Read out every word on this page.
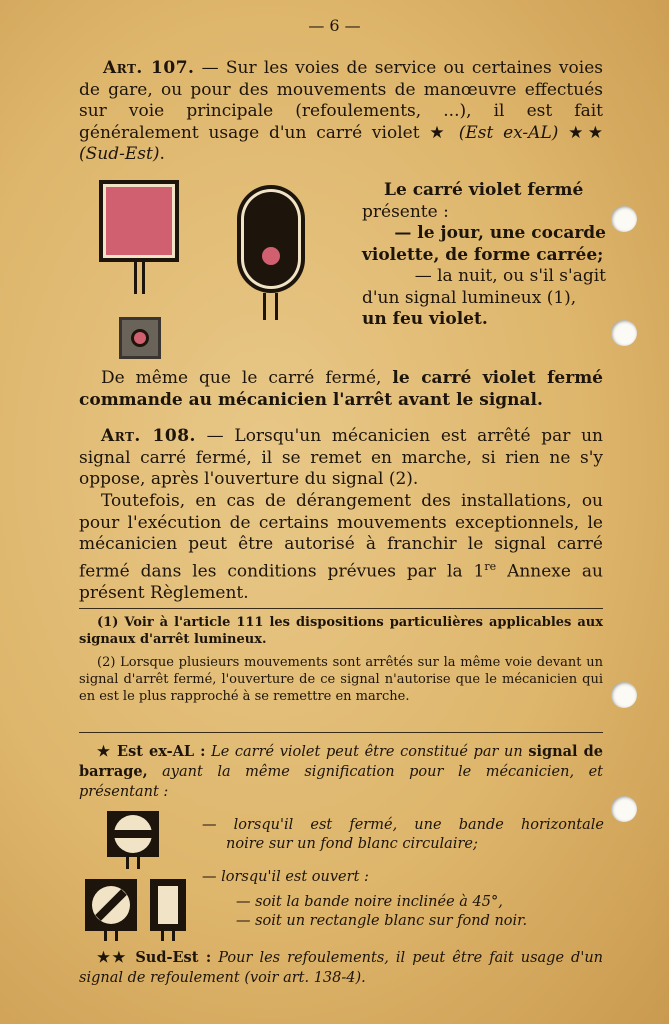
— 6 —
Art. 107. — Sur les voies de service ou certaines voies de gare, ou pour des mouvements de manœuvre effectués sur voie principale (refoulements, ...), il est fait généralement usage d'un carré violet ★ (Est ex-AL) ★★ (Sud-Est).
Le carré violet fermé
présente :
— le jour, une cocarde
violette, de forme carrée;
— la nuit, ou s'il s'agit
d'un signal lumineux (1),
un feu violet.
De même que le carré fermé, le carré violet fermé commande au mécanicien l'arrêt avant le signal.
Art. 108. — Lorsqu'un mécanicien est arrêté par un signal carré fermé, il se remet en marche, si rien ne s'y oppose, après l'ouverture du signal (2).
Toutefois, en cas de dérangement des installations, ou pour l'exécution de certains mouvements exceptionnels, le mécanicien peut être autorisé à franchir le signal carré fermé dans les conditions prévues par la 1re Annexe au présent Règlement.
(1) Voir à l'article 111 les dispositions particulières applicables aux signaux d'arrêt lumineux.
(2) Lorsque plusieurs mouvements sont arrêtés sur la même voie devant un signal d'arrêt fermé, l'ouverture de ce signal n'autorise que le mécanicien qui en est le plus rapproché à se remettre en marche.
★ Est ex-AL : Le carré violet peut être constitué par un signal de barrage, ayant la même signification pour le mécanicien, et présentant :
— lorsqu'il est fermé, une bande horizontale
noire sur un fond blanc circulaire;
— lorsqu'il est ouvert :
— soit la bande noire inclinée à 45°,
— soit un rectangle blanc sur fond noir.
★★ Sud-Est : Pour les refoulements, il peut être fait usage d'un signal de refoulement (voir art. 138-4).
